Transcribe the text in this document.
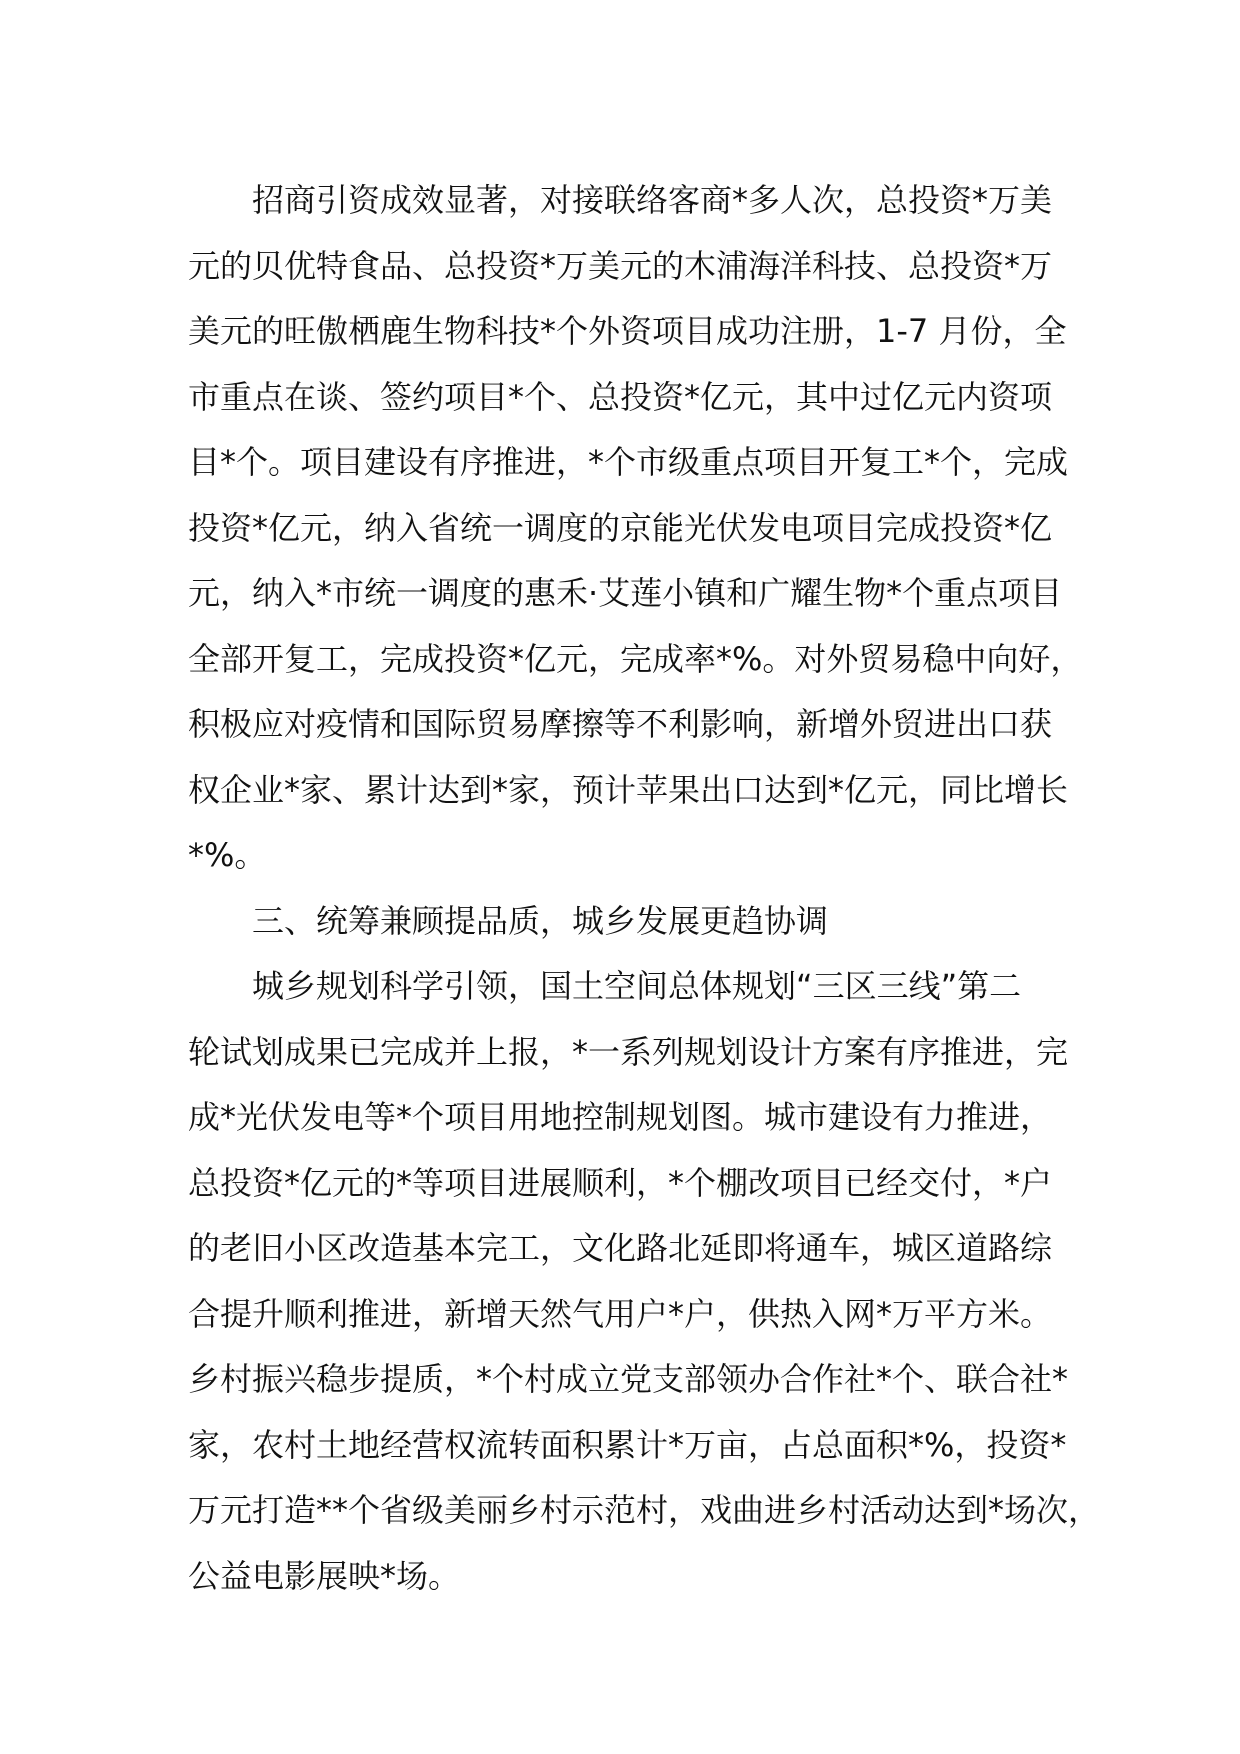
招商引资成效显著，对接联络客商*多人次，总投资*万美
元的贝优特食品、总投资*万美元的木浦海洋科技、总投资*万
美元的旺傲栖鹿生物科技*个外资项目成功注册，1-7 月份，全
市重点在谈、签约项目*个、总投资*亿元，其中过亿元内资项
目*个。项目建设有序推进，*个市级重点项目开复工*个，完成
投资*亿元，纳入省统一调度的京能光伏发电项目完成投资*亿
元，纳入*市统一调度的惠禾·艾莲小镇和广耀生物*个重点项目
全部开复工，完成投资*亿元，完成率*%。对外贸易稳中向好，
积极应对疫情和国际贸易摩擦等不利影响，新增外贸进出口获
权企业*家、累计达到*家，预计苹果出口达到*亿元，同比增长
*%。
三、统筹兼顾提品质，城乡发展更趋协调
城乡规划科学引领，国土空间总体规划“三区三线”第二
轮试划成果已完成并上报，*一系列规划设计方案有序推进，完
成*光伏发电等*个项目用地控制规划图。城市建设有力推进，
总投资*亿元的*等项目进展顺利，*个棚改项目已经交付，*户
的老旧小区改造基本完工，文化路北延即将通车，城区道路综
合提升顺利推进，新增天然气用户*户，供热入网*万平方米。
乡村振兴稳步提质，*个村成立党支部领办合作社*个、联合社*
家，农村土地经营权流转面积累计*万亩，占总面积*%，投资*
万元打造**个省级美丽乡村示范村，戏曲进乡村活动达到*场次，
公益电影展映*场。
